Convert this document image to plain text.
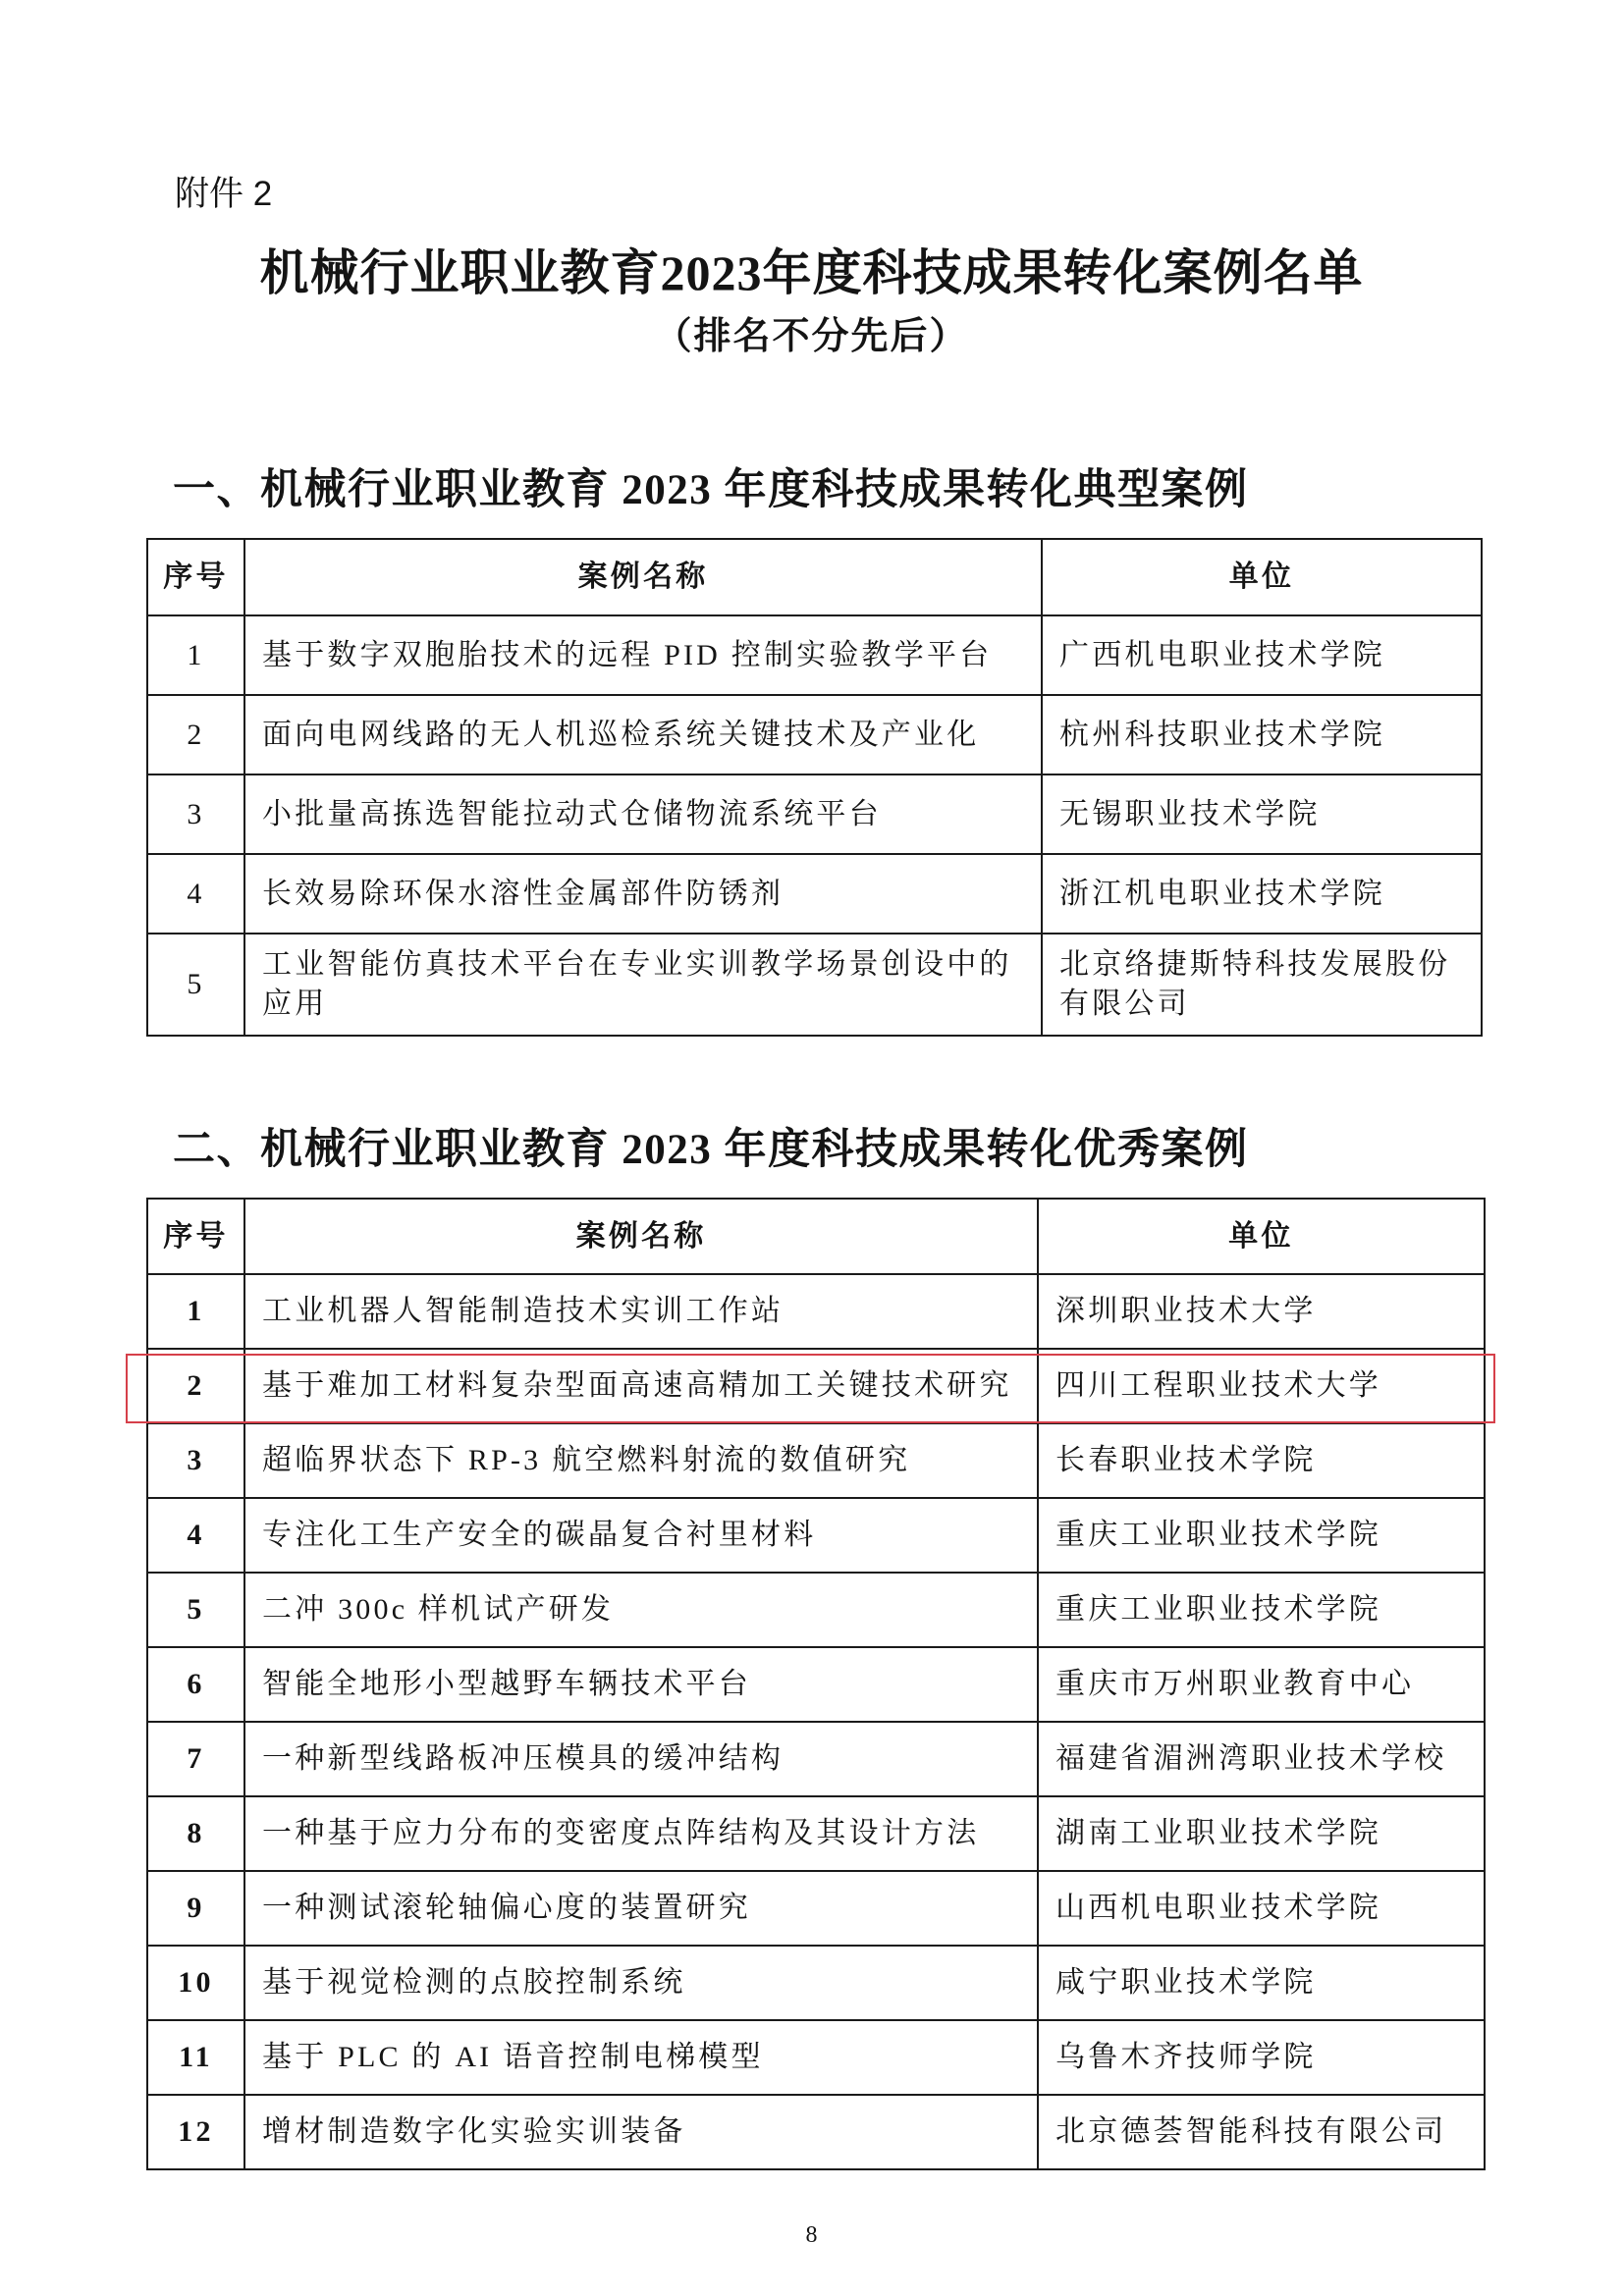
附件 2
机械行业职业教育2023年度科技成果转化案例名单
（排名不分先后）
一、机械行业职业教育 2023 年度科技成果转化典型案例
序号	案例名称	单位
1	基于数字双胞胎技术的远程 PID 控制实验教学平台	广西机电职业技术学院
2	面向电网线路的无人机巡检系统关键技术及产业化	杭州科技职业技术学院
3	小批量高拣选智能拉动式仓储物流系统平台	无锡职业技术学院
4	长效易除环保水溶性金属部件防锈剂	浙江机电职业技术学院
5	工业智能仿真技术平台在专业实训教学场景创设中的应用	北京络捷斯特科技发展股份有限公司
二、机械行业职业教育 2023 年度科技成果转化优秀案例
序号	案例名称	单位
1	工业机器人智能制造技术实训工作站	深圳职业技术大学
2	基于难加工材料复杂型面高速高精加工关键技术研究	四川工程职业技术大学
3	超临界状态下 RP-3 航空燃料射流的数值研究	长春职业技术学院
4	专注化工生产安全的碳晶复合衬里材料	重庆工业职业技术学院
5	二冲 300c 样机试产研发	重庆工业职业技术学院
6	智能全地形小型越野车辆技术平台	重庆市万州职业教育中心
7	一种新型线路板冲压模具的缓冲结构	福建省湄洲湾职业技术学校
8	一种基于应力分布的变密度点阵结构及其设计方法	湖南工业职业技术学院
9	一种测试滚轮轴偏心度的装置研究	山西机电职业技术学院
10	基于视觉检测的点胶控制系统	咸宁职业技术学院
11	基于 PLC 的 AI 语音控制电梯模型	乌鲁木齐技师学院
12	增材制造数字化实验实训装备	北京德荟智能科技有限公司
8
